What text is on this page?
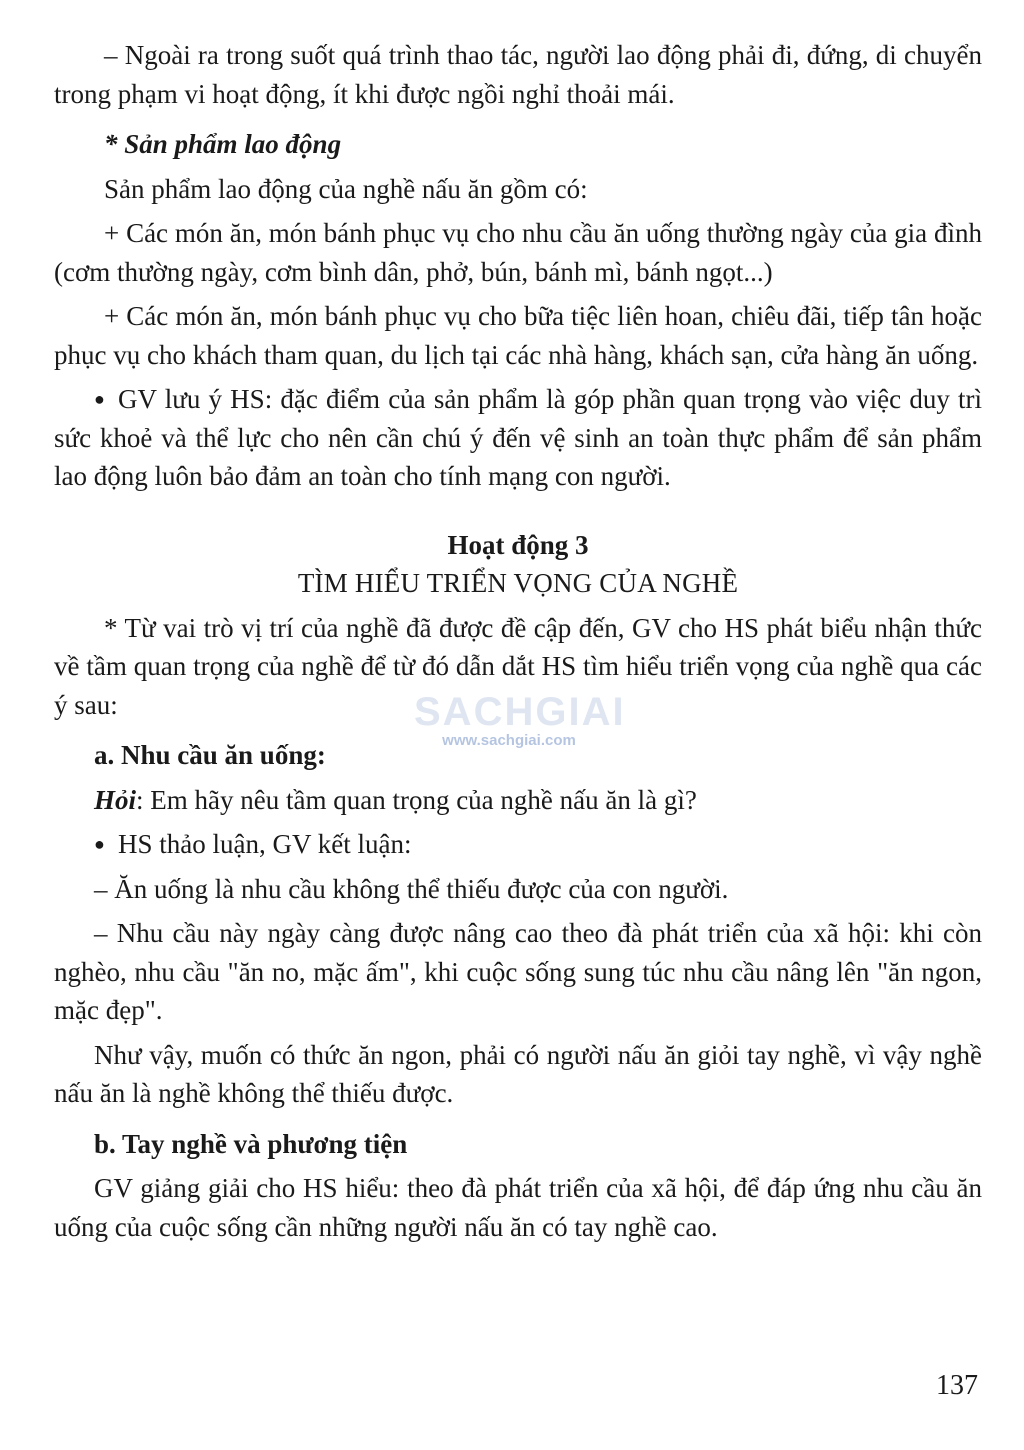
– Ngoài ra trong suốt quá trình thao tác, người lao động phải đi, đứng, di chuyển trong phạm vi hoạt động, ít khi được ngồi nghỉ thoải mái.

* Sản phẩm lao động

Sản phẩm lao động của nghề nấu ăn gồm có:

+ Các món ăn, món bánh phục vụ cho nhu cầu ăn uống thường ngày của gia đình (cơm thường ngày, cơm bình dân, phở, bún, bánh mì, bánh ngọt...)

+ Các món ăn, món bánh phục vụ cho bữa tiệc liên hoan, chiêu đãi, tiếp tân hoặc phục vụ cho khách tham quan, du lịch tại các nhà hàng, khách sạn, cửa hàng ăn uống.

● GV lưu ý HS: đặc điểm của sản phẩm là góp phần quan trọng vào việc duy trì sức khoẻ và thể lực cho nên cần chú ý đến vệ sinh an toàn thực phẩm để sản phẩm lao động luôn bảo đảm an toàn cho tính mạng con người.

Hoạt động 3

TÌM HIỂU TRIỂN VỌNG CỦA NGHỀ

* Từ vai trò vị trí của nghề đã được đề cập đến, GV cho HS phát biểu nhận thức về tầm quan trọng của nghề để từ đó dẫn dắt HS tìm hiểu triển vọng của nghề qua các ý sau:

a. Nhu cầu ăn uống:

Hỏi: Em hãy nêu tầm quan trọng của nghề nấu ăn là gì?

● HS thảo luận, GV kết luận:

– Ăn uống là nhu cầu không thể thiếu được của con người.

– Nhu cầu này ngày càng được nâng cao theo đà phát triển của xã hội: khi còn nghèo, nhu cầu "ăn no, mặc ấm", khi cuộc sống sung túc nhu cầu nâng lên "ăn ngon, mặc đẹp".

Như vậy, muốn có thức ăn ngon, phải có người nấu ăn giỏi tay nghề, vì vậy nghề nấu ăn là nghề không thể thiếu được.

b. Tay nghề và phương tiện

GV giảng giải cho HS hiểu: theo đà phát triển của xã hội, để đáp ứng nhu cầu ăn uống của cuộc sống cần những người nấu ăn có tay nghề cao.

SACHGIAI
www.sachgiai.com
137
